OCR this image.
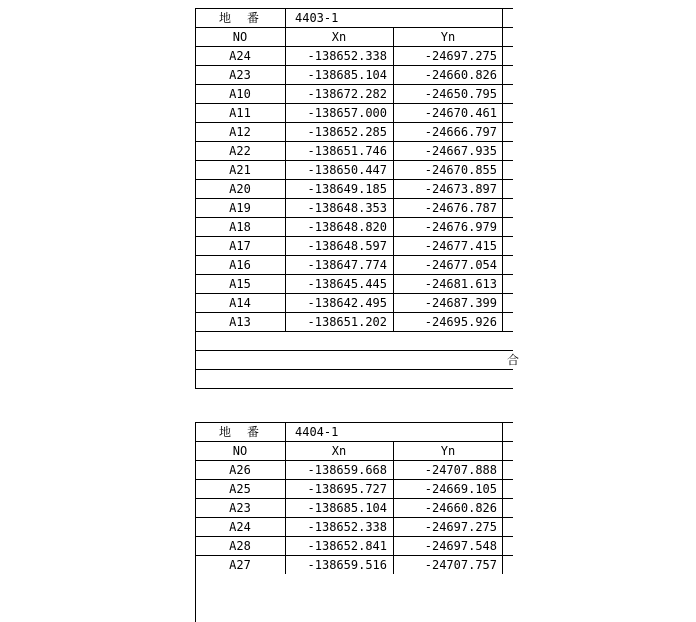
地　番	4403-1
NO	Xn	Yn
A24	-138652.338	-24697.275
A23	-138685.104	-24660.826
A10	-138672.282	-24650.795
A11	-138657.000	-24670.461
A12	-138652.285	-24666.797
A22	-138651.746	-24667.935
A21	-138650.447	-24670.855
A20	-138649.185	-24673.897
A19	-138648.353	-24676.787
A18	-138648.820	-24676.979
A17	-138648.597	-24677.415
A16	-138647.774	-24677.054
A15	-138645.445	-24681.613
A14	-138642.495	-24687.399
A13	-138651.202	-24695.926
合
地　番	4404-1
NO	Xn	Yn
A26	-138659.668	-24707.888
A25	-138695.727	-24669.105
A23	-138685.104	-24660.826
A24	-138652.338	-24697.275
A28	-138652.841	-24697.548
A27	-138659.516	-24707.757
